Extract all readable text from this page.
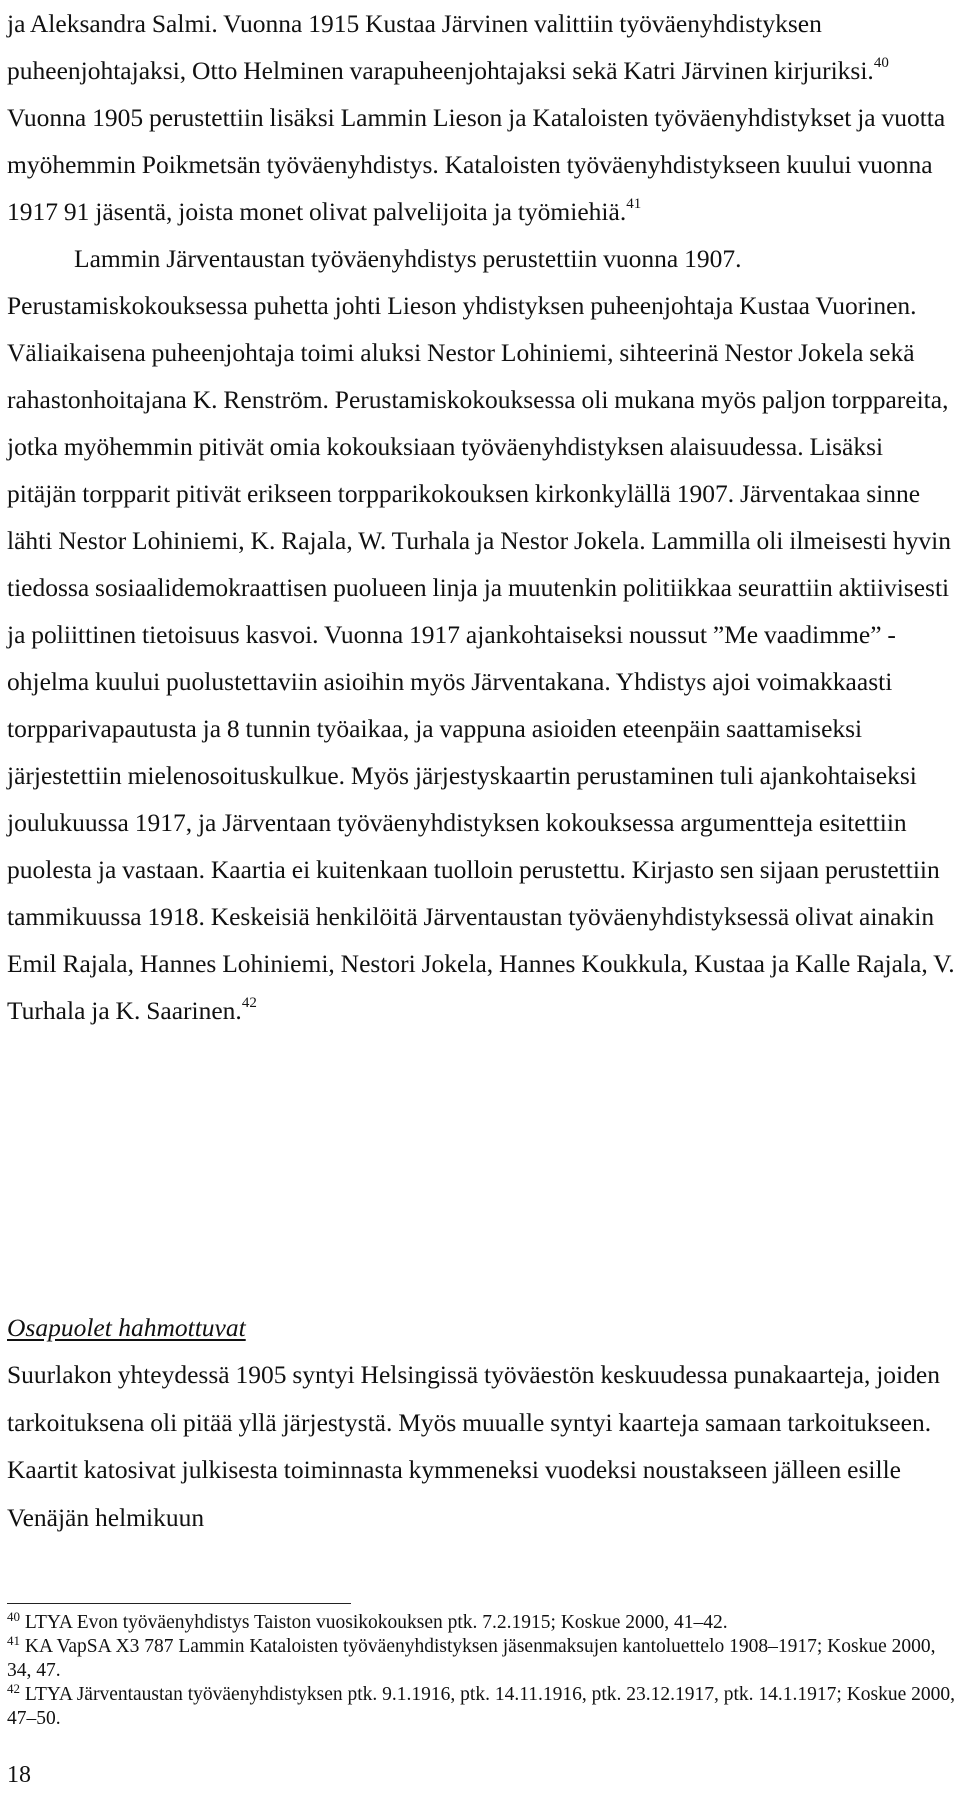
ja Aleksandra Salmi. Vuonna 1915 Kustaa Järvinen valittiin työväenyhdistyksen puheenjohtajaksi, Otto Helminen varapuheenjohtajaksi sekä Katri Järvinen kirjuriksi.$^{40}$ Vuonna 1905 perustettiin lisäksi Lammin Lieson ja Kataloisten työväenyhdistykset ja vuotta myöhemmin Poikmetsän työväenyhdistys. Kataloisten työväenyhdistykseen kuului vuonna 1917 91 jäsentä, joista monet olivat palvelijoita ja työmiehiä.$^{41}$

Lammin Järventaustan työväenyhdistys perustettiin vuonna 1907. Perustamiskokouksessa puhetta johti Lieson yhdistyksen puheenjohtaja Kustaa Vuorinen. Väliaikaisena puheenjohtaja toimi aluksi Nestor Lohiniemi, sihteerinä Nestor Jokela sekä rahastonhoitajana K. Renström. Perustamiskokouksessa oli mukana myös paljon torppareita, jotka myöhemmin pitivät omia kokouksiaan työväenyhdistyksen alaisuudessa. Lisäksi pitäjän torpparit pitivät erikseen torpparikokouksen kirkonkylällä 1907. Järventakaa sinne lähti Nestor Lohiniemi, K. Rajala, W. Turhala ja Nestor Jokela. Lammilla oli ilmeisesti hyvin tiedossa sosiaalidemokraattisen puolueen linja ja muutenkin politiikkaa seurattiin aktiivisesti ja poliittinen tietoisuus kasvoi. Vuonna 1917 ajankohtaiseksi noussut ”Me vaadimme” -ohjelma kuului puolustettaviin asioihin myös Järventakana. Yhdistys ajoi voimakkaasti torpparivapautusta ja 8 tunnin työaikaa, ja vappuna asioiden eteenpäin saattamiseksi järjestettiin mielenosoituskulkue. Myös järjestyskaartin perustaminen tuli ajankohtaiseksi joulukuussa 1917, ja Järventaan työväenyhdistyksen kokouksessa argumentteja esitettiin puolesta ja vastaan. Kaartia ei kuitenkaan tuolloin perustettu. Kirjasto sen sijaan perustettiin tammikuussa 1918. Keskeisiä henkilöitä Järventaustan työväenyhdistyksessä olivat ainakin Emil Rajala, Hannes Lohiniemi, Nestori Jokela, Hannes Koukkula, Kustaa ja Kalle Rajala, V. Turhala ja K. Saarinen.$^{42}$

Osapuolet hahmottuvat

Suurlakon yhteydessä 1905 syntyi Helsingissä työväestön keskuudessa punakaarteja, joiden tarkoituksena oli pitää yllä järjestystä. Myös muualle syntyi kaarteja samaan tarkoitukseen. Kaartit katosivat julkisesta toiminnasta kymmeneksi vuodeksi noustakseen jälleen esille Venäjän helmikuun

$^{40}$ LTYA Evon työväenyhdistys Taiston vuosikokouksen ptk. 7.2.1915; Koskue 2000, 41–42.

$^{41}$ KA VapSA X3 787 Lammin Kataloisten työväenyhdistyksen jäsenmaksujen kantoluettelo 1908–1917; Koskue 2000, 34, 47.

$^{42}$ LTYA Järventaustan työväenyhdistyksen ptk. 9.1.1916, ptk. 14.11.1916, ptk. 23.12.1917, ptk. 14.1.1917; Koskue 2000, 47–50.

18
